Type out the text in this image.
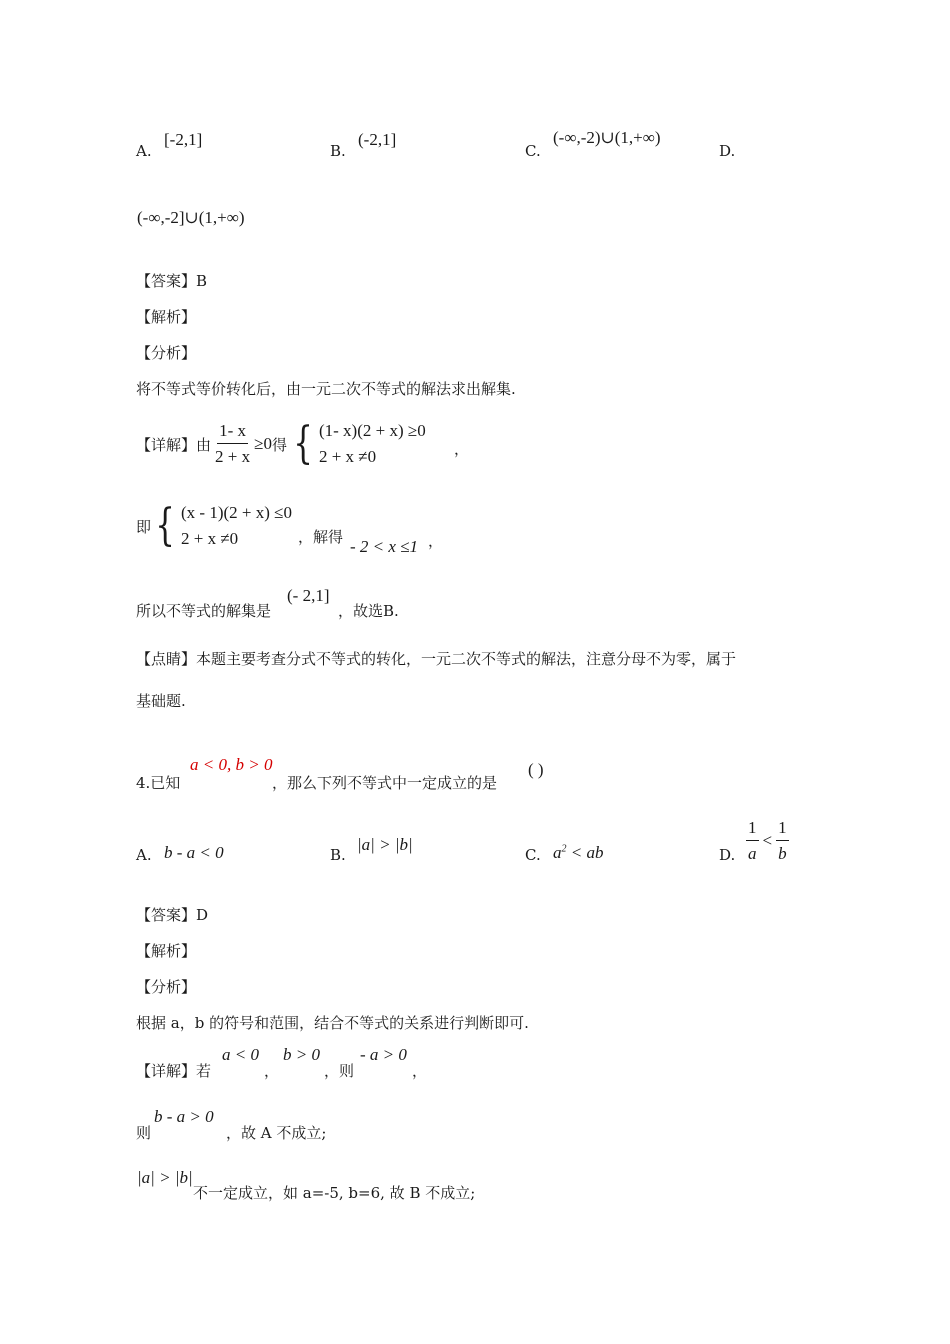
A.
[-2,1]
B.
(-2,1]
C.
(-∞,-2)∪(1,+∞)
D.
(-∞,-2]∪(1,+∞)
【答案】B
【解析】
【分析】
将不等式等价转化后，由一元二次不等式的解法求出解集.
【详解】由 $\frac{1- x}{2 + x} \ge 0$ 得 { (1- x)(2 + x) ≥0
2 + x ≠0	，
即 { (x - 1)(2 + x) ≤0
2 + x ≠0	，解得 - 2 < x ≤1 ，
所以不等式的解集是
(- 2,1]
，故选B.
【点睛】本题主要考查分式不等式的转化，一元二次不等式的解法，注意分母不为零，属于
基础题.
4.已知
a < 0, b > 0
，那么下列不等式中一定成立的是
( )
A. b - a < 0	B.
|a| > |b|
C. $a^2$ < ab	D. $\frac{1}{a} < \frac{1}{b}$
【答案】D
【解析】
【分析】
根据 a，b 的符号和范围，结合不等式的关系进行判断即可.
【详解】若
a < 0
，
b > 0
，则
- a > 0
，
则
b - a > 0
，故 A 不成立;
|a| > |b|
不一定成立，如 a=-5, b=6, 故 B 不成立;
